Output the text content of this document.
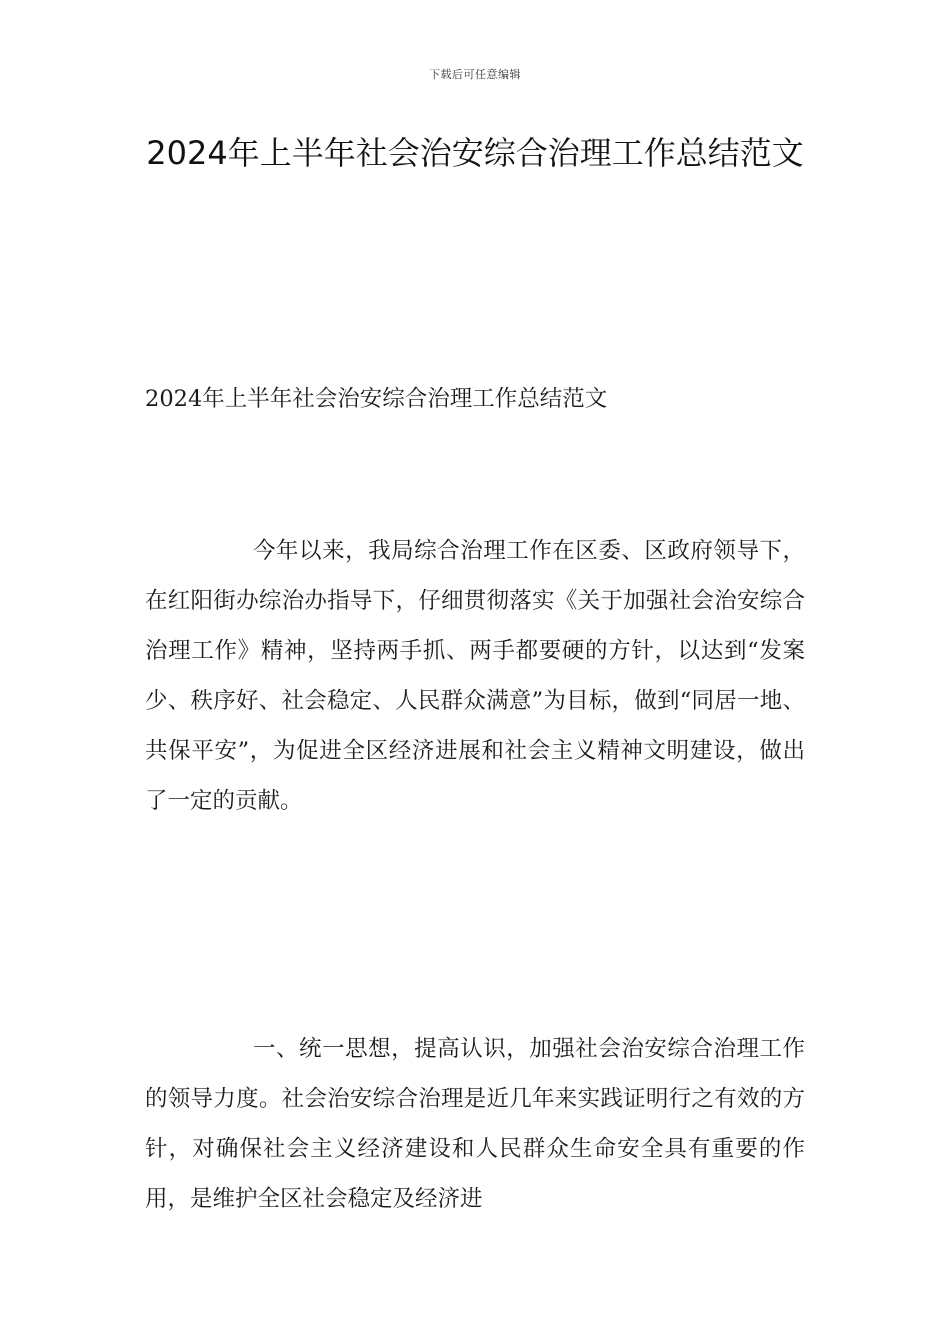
下载后可任意编辑
2024年上半年社会治安综合治理工作总结范文
2024年上半年社会治安综合治理工作总结范文

今年以来，我局综合治理工作在区委、区政府领导下，在红阳街办综治办指导下，仔细贯彻落实《关于加强社会治安综合治理工作》精神，坚持两手抓、两手都要硬的方针，以达到“发案少、秩序好、社会稳定、人民群众满意”为目标，做到“同居一地、共保平安”，为促进全区经济进展和社会主义精神文明建设，做出了一定的贡献。

一、统一思想，提高认识，加强社会治安综合治理工作的领导力度。社会治安综合治理是近几年来实践证明行之有效的方针，对确保社会主义经济建设和人民群众生命安全具有重要的作用，是维护全区社会稳定及经济进
